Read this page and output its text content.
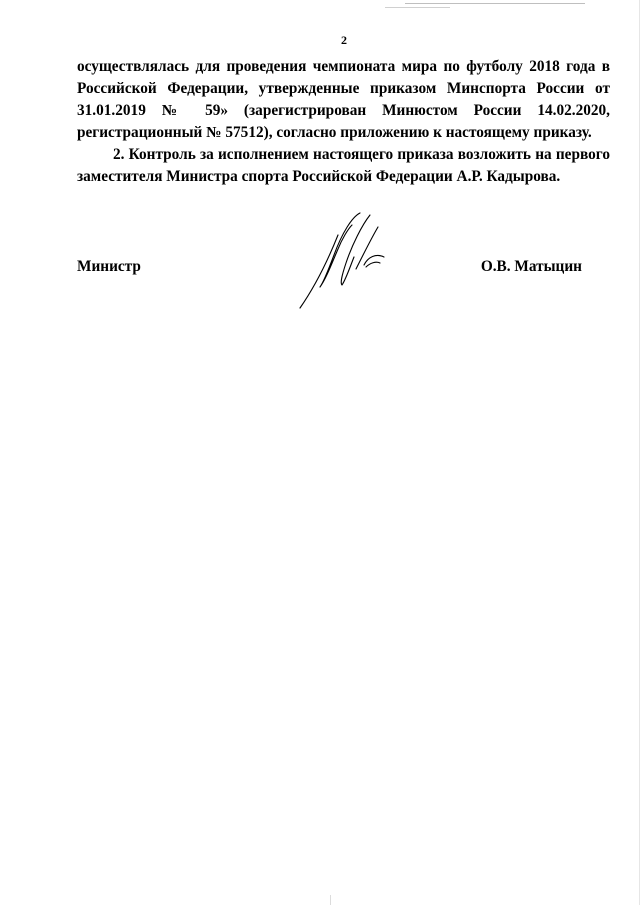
2

осуществлялась для проведения чемпионата мира по футболу 2018 года в Российской Федерации, утвержденные приказом Минспорта России от 31.01.2019 № 59» (зарегистрирован Минюстом России 14.02.2020, регистрационный № 57512), согласно приложению к настоящему приказу.

2. Контроль за исполнением настоящего приказа возложить на первого заместителя Министра спорта Российской Федерации А.Р. Кадырова.

Министр	О.В. Матыцин
